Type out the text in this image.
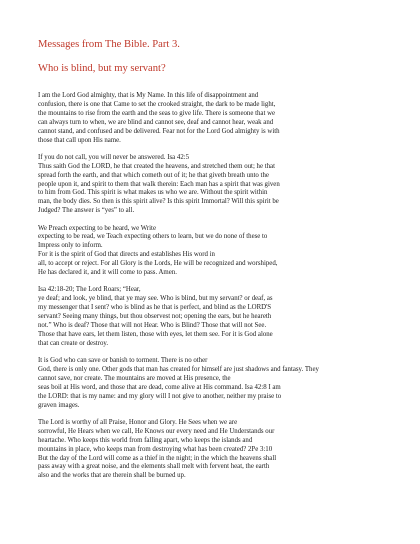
Messages from The Bible. Part 3.
Who is blind, but my servant?

I am the Lord God almighty, that is My Name. In this life of disappointment and
confusion, there is one that Came to set the crooked straight, the dark to be made light,
the mountains to rise from the earth and the seas to give life. There is someone that we
can always turn to when, we are blind and cannot see, deaf and cannot hear, weak and
cannot stand, and confused and be delivered. Fear not for the Lord God almighty is with
those that call upon His name.

If you do not call, you will never be answered. Isa 42:5
Thus saith God the LORD, he that created the heavens, and stretched them out; he that
spread forth the earth, and that which cometh out of it; he that giveth breath unto the
people upon it, and spirit to them that walk therein: Each man has a spirit that was given
to him from God. This spirit is what makes us who we are. Without the spirit within
man, the body dies. So then is this spirit alive? Is this spirit Immortal? Will this spirit be
Judged? The answer is “yes” to all.

We Preach expecting to be heard, we Write
expecting to be read, we Teach expecting others to learn, but we do none of these to
Impress only to inform.
For it is the spirit of God that directs and establishes His word in
all, to accept or reject. For all Glory is the Lords, He will be recognized and worshiped,
He has declared it, and it will come to pass. Amen.

Isa 42:18-20; The Lord Roars; “Hear,
ye deaf; and look, ye blind, that ye may see. Who is blind, but my servant? or deaf, as
my messenger that I sent? who is blind as he that is perfect, and blind as the LORD'S
servant? Seeing many things, but thou observest not; opening the ears, but he heareth
not.” Who is deaf? Those that will not Hear. Who is Blind? Those that will not See.
Those that have ears, let them listen, those with eyes, let them see. For it is God alone
that can create or destroy.

It is God who can save or banish to torment. There is no other
God, there is only one. Other gods that man has created for himself are just shadows and fantasy. They
cannot save, nor create. The mountains are moved at His presence, the
seas boil at His word, and those that are dead, come alive at His command. Isa 42:8 I am
the LORD: that is my name: and my glory will I not give to another, neither my praise to
graven images.

The Lord is worthy of all Praise, Honor and Glory. He Sees when we are
sorrowful, He Hears when we call, He Knows our every need and He Understands our
heartache. Who keeps this world from falling apart, who keeps the islands and
mountains in place, who keeps man from destroying what has been created? 2Pe 3:10
But the day of the Lord will come as a thief in the night; in the which the heavens shall
pass away with a great noise, and the elements shall melt with fervent heat, the earth
also and the works that are therein shall be burned up.
